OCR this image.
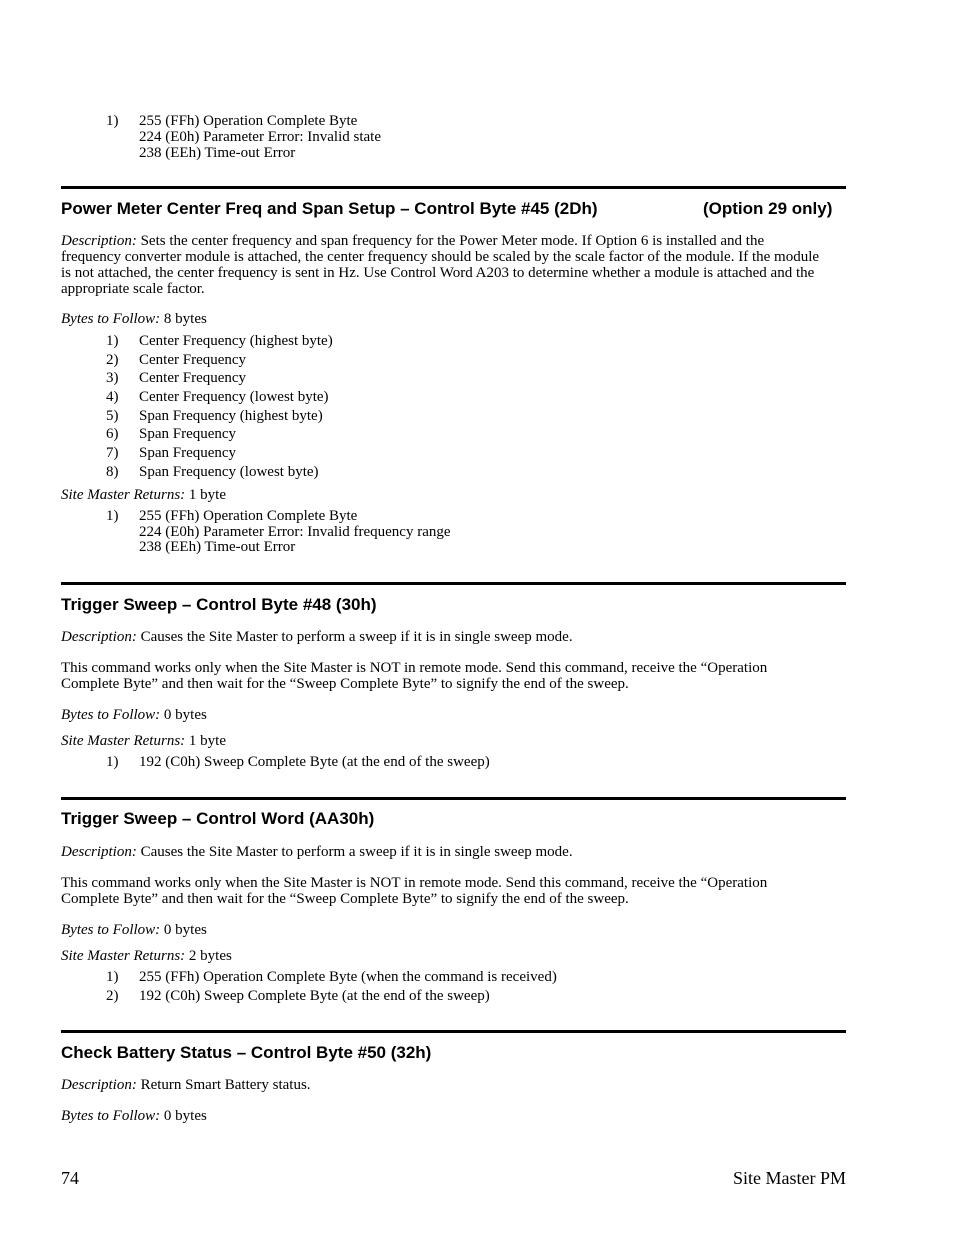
1) 255 (FFh) Operation Complete Byte
224 (E0h) Parameter Error: Invalid state
238 (EEh) Time-out Error
Power Meter Center Freq and Span Setup – Control Byte #45 (2Dh)	(Option 29 only)
Description: Sets the center frequency and span frequency for the Power Meter mode. If Option 6 is installed and the frequency converter module is attached, the center frequency should be scaled by the scale factor of the module. If the module is not attached, the center frequency is sent in Hz. Use Control Word A203 to determine whether a module is attached and the appropriate scale factor.
Bytes to Follow: 8 bytes
1) Center Frequency (highest byte)
2) Center Frequency
3) Center Frequency
4) Center Frequency (lowest byte)
5) Span Frequency (highest byte)
6) Span Frequency
7) Span Frequency
8) Span Frequency (lowest byte)
Site Master Returns: 1 byte
1) 255 (FFh) Operation Complete Byte
224 (E0h) Parameter Error: Invalid frequency range
238 (EEh) Time-out Error
Trigger Sweep – Control Byte #48 (30h)
Description: Causes the Site Master to perform a sweep if it is in single sweep mode.
This command works only when the Site Master is NOT in remote mode. Send this command, receive the “Operation Complete Byte” and then wait for the “Sweep Complete Byte” to signify the end of the sweep.
Bytes to Follow: 0 bytes
Site Master Returns: 1 byte
1) 192 (C0h) Sweep Complete Byte (at the end of the sweep)
Trigger Sweep – Control Word (AA30h)
Description: Causes the Site Master to perform a sweep if it is in single sweep mode.
This command works only when the Site Master is NOT in remote mode. Send this command, receive the “Operation Complete Byte” and then wait for the “Sweep Complete Byte” to signify the end of the sweep.
Bytes to Follow: 0 bytes
Site Master Returns: 2 bytes
1) 255 (FFh) Operation Complete Byte (when the command is received)
2) 192 (C0h) Sweep Complete Byte (at the end of the sweep)
Check Battery Status – Control Byte #50 (32h)
Description: Return Smart Battery status.
Bytes to Follow: 0 bytes
74	Site Master PM
